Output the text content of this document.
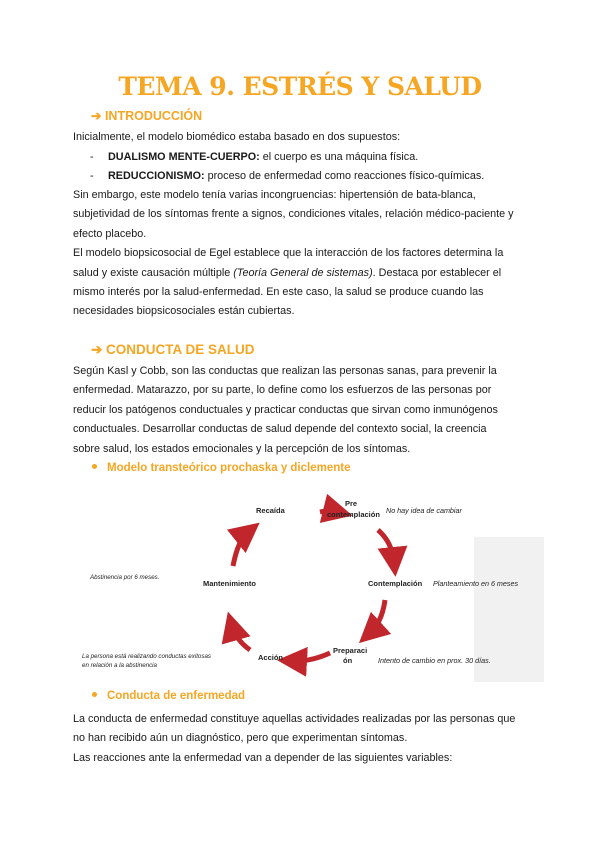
TEMA 9. ESTRÉS Y SALUD
➔ INTRODUCCIÓN
Inicialmente, el modelo biomédico estaba basado en dos supuestos:
- DUALISMO MENTE-CUERPO: el cuerpo es una máquina física.
- REDUCCIONISMO: proceso de enfermedad como reacciones físico-químicas.
Sin embargo, este modelo tenía varias incongruencias: hipertensión de bata-blanca,
subjetividad de los síntomas frente a signos, condiciones vitales, relación médico-paciente y
efecto placebo.
El modelo biopsicosocial de Egel establece que la interacción de los factores determina la
salud y existe causación múltiple (Teoría General de sistemas). Destaca por establecer el
mismo interés por la salud-enfermedad. En este caso, la salud se produce cuando las
necesidades biopsicosociales están cubiertas.
➔ CONDUCTA DE SALUD
Según Kasl y Cobb, son las conductas que realizan las personas sanas, para prevenir la
enfermedad. Matarazzo, por su parte, lo define como los esfuerzos de las personas por
reducir los patógenos conductuales y practicar conductas que sirvan como inmunógenos
conductuales. Desarrollar conductas de salud depende del contexto social, la creencia
sobre salud, los estados emocionales y la percepción de los síntomas.
Modelo transteórico prochaska y diclemente
Recaída
Pre
contemplación
Contemplación
Preparaci
ón
Acción
Mantenimiento
No hay idea de cambiar
Planteamiento en 6 meses
Intento de cambio en prox. 30 días.
Abstinencia por 6 meses.
La persona está realizando conductas exitosas
en relación a la abstinencia
Conducta de enfermedad
La conducta de enfermedad constituye aquellas actividades realizadas por las personas que
no han recibido aún un diagnóstico, pero que experimentan síntomas.
Las reacciones ante la enfermedad van a depender de las siguientes variables:
